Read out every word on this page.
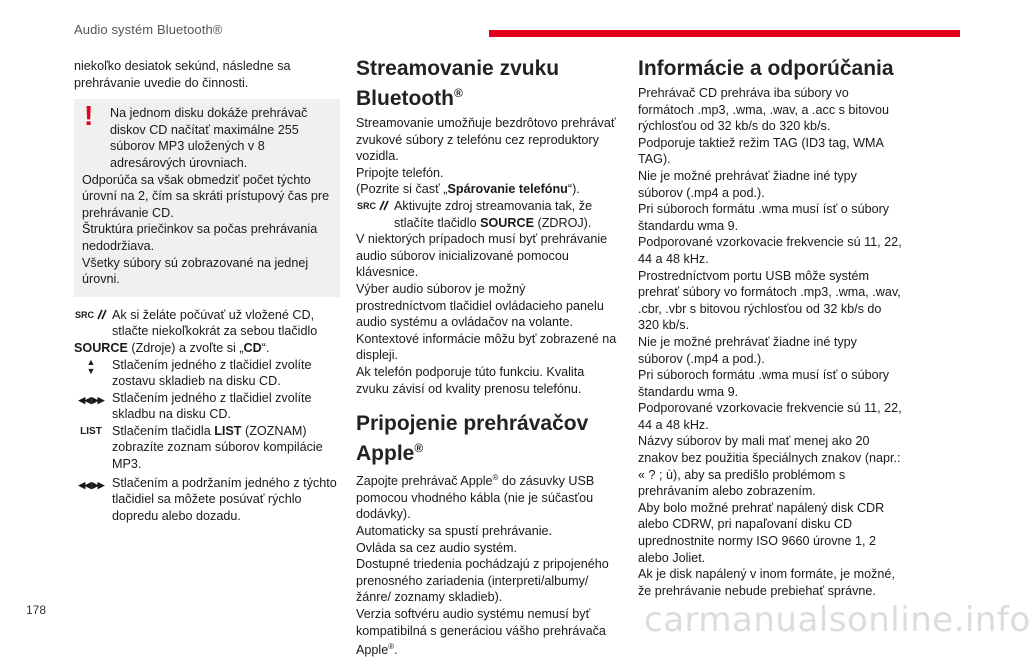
Audio systém Bluetooth®

niekoľko desiatok sekúnd, následne sa prehrávanie uvedie do činnosti.

!	Na jednom disku dokáže prehrávač diskov CD načítať maximálne 255 súborov MP3 uložených v 8 adresárových úrovniach.

Odporúča sa však obmedziť počet týchto úrovní na 2, čím sa skráti prístupový čas pre prehrávanie CD.

Štruktúra priečinkov sa počas prehrávania nedodržiava.

Všetky súbory sú zobrazované na jednej úrovni.

SRC Ak si želáte počúvať už vložené CD, stlačte niekoľkokrát za sebou tlačidlo

SOURCE (Zdroje) a zvoľte si „CD“.

▲
▼	Stlačením jedného z tlačidiel zvolíte zostavu skladieb na disku CD.
◀◀ ▶▶ Stlačením jedného z tlačidiel zvolíte skladbu na disku CD.
LIST Stlačením tlačidla LIST (ZOZNAM) zobrazíte zoznam súborov kompilácie MP3.
◀◀ ▶▶ Stlačením a podržaním jedného z týchto tlačidiel sa môžete posúvať rýchlo dopredu alebo dozadu.
Streamovanie zvuku Bluetooth®

Streamovanie umožňuje bezdrôtovo prehrávať zvukové súbory z telefónu cez reproduktory vozidla.

Pripojte telefón.

(Pozrite si časť „Spárovanie telefónu“).

SRC Aktivujte zdroj streamovania tak, že stlačíte tlačidlo SOURCE (ZDROJ).

V niektorých prípadoch musí byť prehrávanie audio súborov inicializované pomocou klávesnice.

Výber audio súborov je možný prostredníctvom tlačidiel ovládacieho panelu audio systému a ovládačov na volante. Kontextové informácie môžu byť zobrazené na displeji.

Ak telefón podporuje túto funkciu. Kvalita zvuku závisí od kvality prenosu telefónu.

Pripojenie prehrávačov Apple®

Zapojte prehrávač Apple® do zásuvky USB pomocou vhodného kábla (nie je súčasťou dodávky).

Automaticky sa spustí prehrávanie.

Ovláda sa cez audio systém.

Dostupné triedenia pochádzajú z pripojeného prenosného zariadenia (interpreti/albumy/žánre/ zoznamy skladieb).

Verzia softvéru audio systému nemusí byť kompatibilná s generáciou vášho prehrávača Apple®.

Informácie a odporúčania

Prehrávač CD prehráva iba súbory vo formátoch .mp3, .wma, .wav, a .acc s bitovou rýchlosťou od 32 kb/s do 320 kb/s.

Podporuje taktiež režim TAG (ID3 tag, WMA TAG).

Nie je možné prehrávať žiadne iné typy súborov (.mp4 a pod.).

Pri súboroch formátu .wma musí ísť o súbory štandardu wma 9.

Podporované vzorkovacie frekvencie sú 11, 22, 44 a 48 kHz.

Prostredníctvom portu USB môže systém prehrať súbory vo formátoch .mp3, .wma, .wav, .cbr, .vbr s bitovou rýchlosťou od 32 kb/s do 320 kb/s.

Nie je možné prehrávať žiadne iné typy súborov (.mp4 a pod.).

Pri súboroch formátu .wma musí ísť o súbory štandardu wma 9.

Podporované vzorkovacie frekvencie sú 11, 22, 44 a 48 kHz.

Názvy súborov by mali mať menej ako 20 znakov bez použitia špeciálnych znakov (napr.: « ? ; ù), aby sa predišlo problémom s prehrávaním alebo zobrazením.

Aby bolo možné prehrať napálený disk CDR alebo CDRW, pri napaľovaní disku CD uprednostnite normy ISO 9660 úrovne 1, 2 alebo Joliet.

Ak je disk napálený v inom formáte, je možné, že prehrávanie nebude prebiehať správne.

178	carmanualsonline.info
